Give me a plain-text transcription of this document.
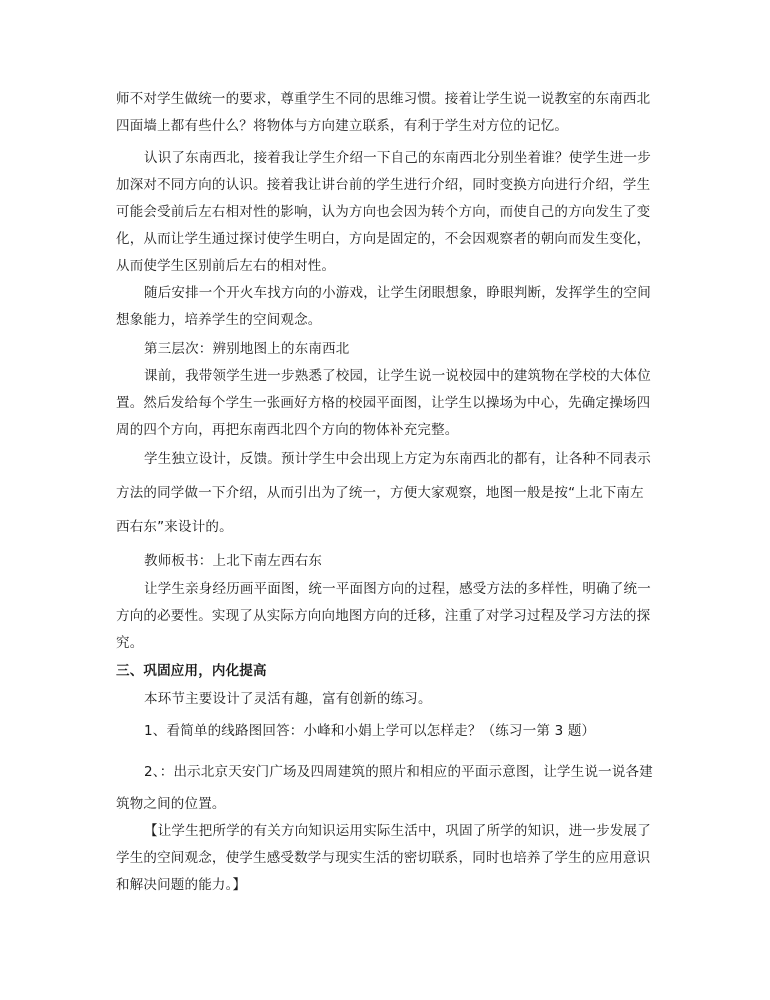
师不对学生做统一的要求，尊重学生不同的思维习惯。接着让学生说一说教室的东南西北
四面墙上都有些什么？将物体与方向建立联系，有利于学生对方位的记忆。
认识了东南西北，接着我让学生介绍一下自己的东南西北分别坐着谁？使学生进一步
加深对不同方向的认识。接着我让讲台前的学生进行介绍，同时变换方向进行介绍，学生
可能会受前后左右相对性的影响，认为方向也会因为转个方向，而使自己的方向发生了变
化，从而让学生通过探讨使学生明白，方向是固定的，不会因观察者的朝向而发生变化，
从而使学生区别前后左右的相对性。
随后安排一个开火车找方向的小游戏，让学生闭眼想象，睁眼判断，发挥学生的空间
想象能力，培养学生的空间观念。
第三层次：辨别地图上的东南西北
课前，我带领学生进一步熟悉了校园，让学生说一说校园中的建筑物在学校的大体位
置。然后发给每个学生一张画好方格的校园平面图，让学生以操场为中心，先确定操场四
周的四个方向，再把东南西北四个方向的物体补充完整。
学生独立设计，反馈。预计学生中会出现上方定为东南西北的都有，让各种不同表示
方法的同学做一下介绍，从而引出为了统一，方便大家观察，地图一般是按“上北下南左
西右东”来设计的。
教师板书：上北下南左西右东
让学生亲身经历画平面图，统一平面图方向的过程，感受方法的多样性，明确了统一
方向的必要性。实现了从实际方向向地图方向的迁移，注重了对学习过程及学习方法的探
究。
三、巩固应用，内化提高
本环节主要设计了灵活有趣，富有创新的练习。
1、看简单的线路图回答：小峰和小娟上学可以怎样走？（练习一第 3 题）
2、：出示北京天安门广场及四周建筑的照片和相应的平面示意图，让学生说一说各建
筑物之间的位置。
【让学生把所学的有关方向知识运用实际生活中，巩固了所学的知识，进一步发展了
学生的空间观念，使学生感受数学与现实生活的密切联系，同时也培养了学生的应用意识
和解决问题的能力。】
